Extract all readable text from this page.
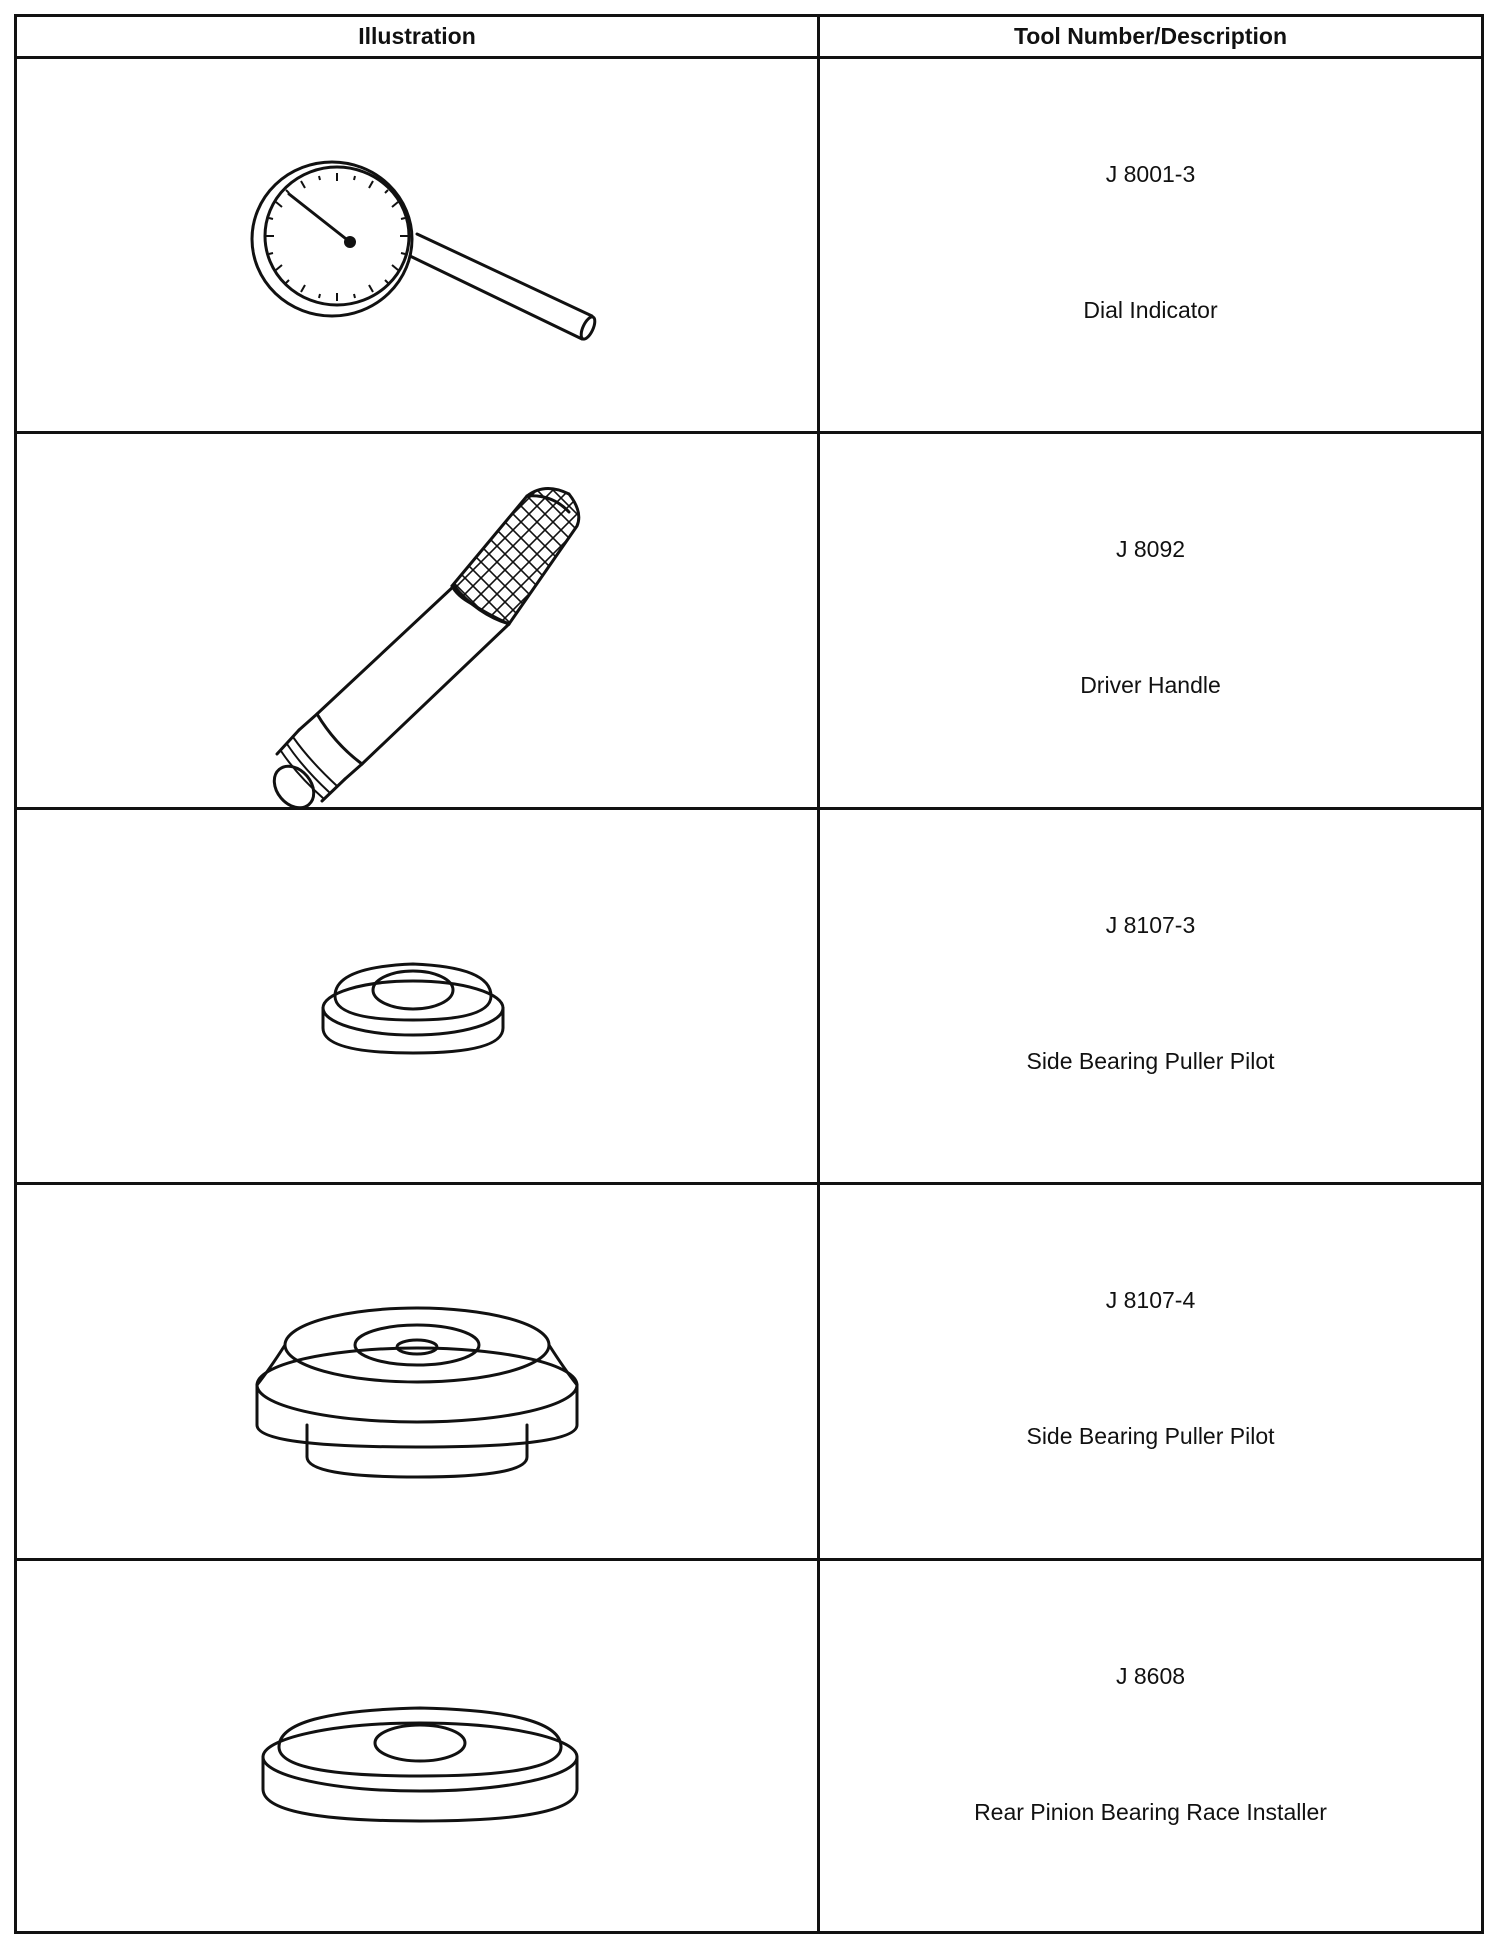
Illustration	Tool Number/Description
J 8001-3
Dial Indicator
J 8092
Driver Handle
J 8107-3
Side Bearing Puller Pilot
J 8107-4
Side Bearing Puller Pilot
J 8608
Rear Pinion Bearing Race Installer
